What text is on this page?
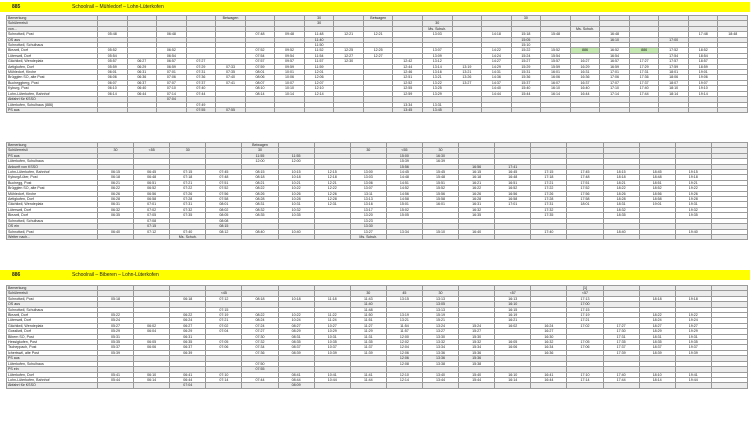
885	Schoolrail – Mühledorf – Lohn-Lüterkofen
Bemerkung					Beiwagen			30		Beiwagen					30							
Schülerreisli								30				30										
von...												Ms. Schuh.					Ms. Schuh.					
Schnottwil, Post	05:48		06:48			07:48	09:48	11:48	12:21	12:21		13:03		14:18	15:18	15:48		16:48			17:48	18:48
OS aus								11:40							15:05			16:10		17:00		
Schnottwil, Schulhaus								11:50							15:10							
Biezwil, Dorf	05:52		06:52			07:52	09:52	11:52	12:25	12:25		13:07		14:22	15:22	15:52	886	16:52	886	17:52	18:52	
Lüterswil, Dorf	05:54		06:54			07:54	09:54	11:54	12:27	12:27		13:09		14:24	15:24	15:54		16:54		17:54	18:54	
Gächliwil, Wendeplatz	05:57	06:27	06:57	07:27		07:57	09:57	11:57	12:30		12:42	13:12		14:27	15:27	15:57	16:27	16:57	17:27	17:57	18:57	
Aetigkofen, Dorf	05:59	06:29	06:59	07:29	07:33	07:59	09:59	11:59			12:44	13:14	13:19	14:29	15:29	15:59	16:29	16:59	17:29	17:59	18:59	
Mühledorf, Kirche	06:01	06:31	07:01	07:31	07:35	08:01	10:01	12:01			12:46	13:16	13:21	14:31	15:31	16:01	16:31	17:01	17:31	18:01	19:01	
Brügglen SO, alte Post	06:06	06:36	07:06	07:36	07:40	08:06	10:06	12:06			12:51	13:21	13:26	14:36	15:36	16:06	16:36	17:06	17:36	18:06	19:06	
Bucheggberg, Post	06:07	06:37	07:07	07:37	07:41	08:07	10:07	12:07			12:52	13:22	13:27	14:37	15:37	16:07	16:37	17:07	17:37	18:07	19:07	
Kyburg, Post	06:10	06:40	07:10	07:40		08:10	10:10	12:10			12:55	13:25		14:40	15:40	16:10	16:40	17:10	17:40	18:10	19:10	
Lohn-Lüterkofen, Bahnhof	06:14	06:44	07:14	07:44		08:14	10:14	12:14			12:59	13:29		14:44	15:44	16:14	16:44	17:14	17:44	18:14	19:14	
Abfahrt für KSSO			07:04																			
Lüterkofen, Schulhaus (886)				07:49							13:34	13:31										
PS aus				07:55	07:55						13:45	13:45										
Bemerkung					Beiwagen													
Schülerreisli	30	<55	30		30			30	<55	30								
PS aus					11:55	11:55			15:00	16:30								
Lüterkofen, Schulhaus					12:00	12:00			15:39	16:39								
Ankunft von KSSO									15:56		16:56	17:41						
Lohn-Lüterkofen, Bahnhof	06:15	06:45	07:15	07:45	08:15	10:15	12:15	13:00	14:45	15:45	16:15	16:45	17:15	17:45	18:15	18:45	19:15	
Kyburg/Lüter, Post	06:18	06:48	07:18	07:48	08:18	10:18	12:18	13:03	14:48	15:48	16:18	16:48	17:18	17:48	18:18	18:48	19:18	
Buchegg, Post	06:21	06:51	07:21	07:51	08:21	10:21	12:21	13:06	14:51	15:51	16:21	16:51	17:21	17:51	18:21	18:51	19:21	
Brügglen SO, alte Post	06:22	06:52	07:22	07:52	08:22	10:22	12:22	13:07	14:52	15:52	16:22	16:52	17:22	17:52	18:22	18:52	19:22	
Mühledorf, Kirche	06:26	06:56	07:26	07:56	08:26	10:26	12:26	13:11	14:56	15:56	16:26	16:56	17:26	17:56	18:26	18:56	19:26	
Aetigkofen, Dorf	06:28	06:58	07:28	07:58	08:28	10:28	12:28	13:13	14:58	15:58	16:28	16:58	17:28	17:58	18:28	18:58	19:28	
Gächliwil, Wendeplatz	06:31	07:01	07:31	08:01	08:31	10:31	12:31	13:16	15:01	16:01	16:31	17:01	17:31	18:01	18:31	19:01	19:31	
Lüterswil, Dorf	06:32	07:02	07:32	08:02	08:32	10:32		13:17	15:02		16:32		17:32		18:32		19:32	
Biezwil, Dorf	06:35	07:05	07:35	08:05	08:35	10:35		13:20	15:05		16:35		17:35		18:35		19:35	
Schnottwil, Schulhaus		07:08		08:08				13:23										
OS ein		07:15		08:15				13:30										
Schnottwil, Post	06:40	07:12	07:40	08:12	08:40	10:40		13:27	13:34	15:10	16:40		17:40		18:40		19:40	
Weiter nach...			Ms. Schuh.					Ms. Schuh.										
886	Schoolrail – Biberen – Lohn-Lüterkofen
Bemerkung														[1]				
Schülerreisli				<45				30	45	30		<57		<57				
Schnottwil, Post	05:18		06:18	07:12	08:18	10:18	11:18	11:43	13:15	13:13		16:13		17:13		18:18	19:18	
OS aus								11:40		13:05		16:10		17:00				
Schnottwil, Schulhaus				07:15				11:48		13:13		16:15		17:15				
Biezwil, Dorf	05:22		06:22	07:19	08:22	10:22	11:22	11:50	13:19	15:19		16:19		17:19		18:22	19:22	
Lüterswil, Dorf	05:24		06:24	07:21	08:24	10:24	11:24	11:51	13:21	15:21		16:21		17:21		18:24	19:24	
Gächliwil, Wendeplatz	05:27	06:02	06:27	07:02	07:24	08:27	10:27	11:27	11:54	13:24	15:24	16:02	16:24	17:02	17:27	18:27	19:27	
Gossliwil, Dorf	05:29	06:04	06:29	07:04	07:27	08:29	10:29	11:29	11:57	13:27	15:27		16:27		17:30	18:29	19:29	
Bibern SO, Post	05:31		06:31		07:30	08:31	10:31	11:31	12:00	13:30	15:30		16:30		17:31	18:31	19:31	
Hessigkofen, Post	05:35	06:05	06:35	07:05	07:32	08:35	10:35	11:35	12:02	13:32	15:32	16:05	16:32	17:05	17:35	18:35	19:35	
Tscheppach, Post	05:37	06:06	06:37	07:06	07:34	08:37	10:37	11:37	12:04	13:34	15:34	16:06	16:34	17:06	17:37	18:37	19:37	
Ichertswil, alte Post	05:39		06:39		07:36	08:39	10:39	11:39	12:06	13:36	15:36		16:36		17:39	18:39	19:39	
PS aus									12:06	13:36	15:36							
Lüterkofen, Schulhaus					07:50				12:08	13:38	15:38							
PS ein					07:55													
Lüterkofen, Dorf	05:41	06:10	06:41	07:10		08:41	10:41	11:41	12:10	13:40	15:40	16:10	16:41	17:10	17:40	18:10	19:41	
Lohn-Lüterkofen, Bahnhof	05:44	06:14	06:44	07:14	07:44	08:44	10:44	11:44	12:14	13:44	15:44	16:14	16:44	17:14	17:44	18:14	19:44	
Abfahrt für KSSO			07:04			08:09												
